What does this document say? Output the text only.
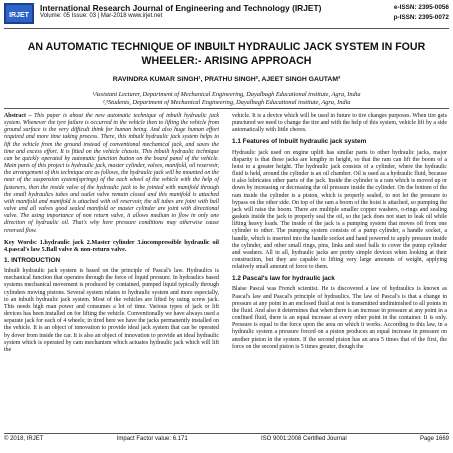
IRJET
International Research Journal of Engineering and Technology (IRJET)
Volume: 05 Issue: 03 | Mar-2018 www.irjet.net
e-ISSN: 2395-0056
p-ISSN: 2395-0072
AN AUTOMATIC TECHNIQUE OF INBUILT HYDRAULIC JACK SYSTEM IN FOUR WHEELER:- ARISING APPROACH
RAVINDRA KUMAR SINGH¹, PRATHU SINGH², AJEET SINGH GAUTAM³
¹Assistant Lecturer, Department of Mechanical Engineering, Dayalbagh Educational institute, Agra, India
²,³Students, Department of Mechanical Engineering, Dayalbagh Educational institute, Agra, India

Abstract – This paper is about the new automatic technique of inbuilt hydraulic jack system. Whenever the tyre failure is occurred in the vehicle then to lifting the vehicle from ground surface is the very difficult think for human being. And also huge human effort required and more time taking process. There, this inbuilt hydraulic jack system helps to lift the vehicle from the ground instead of conventional mechanical jack, and saves the time and excess effort. It is fitted on the vehicle chassis. This inbuilt hydraulic technique can be quickly operated by automatic function button on the board panel of the vehicle. Main parts of this project is hydraulic jack, master cylinder, valves, manifold, oil reservoir, the arrangement of this technique are as follows, the hydraulic jack will be mounted on the near of the suspension system(springs) of the each wheel of the vehicle with the help of fasteners, then the inside valve of the hydraulic jack to be jointed with manifold through the small hydraulics tubes and outlet valve remain closed and this manifold is attached with manifold and manifold is attached with oil reservoir, the all tubes are joint with ball valve and all valves good sealed manifold or master cylinder are joint with directional valve. The using importance of non return valve, it allows medium to flow in only one direction of hydraulic oil. That's why here pressure conditions may otherwise cause reversed flow.

Key Words: 1.hydraulic jack 2.Master cylinder 3.incompressible hydraulic oil 4.pascal's law 5.Ball valve & non-return valve.

1. INTRODUCTION

Inbuilt hydraulic jack system is based on the principle of Pascal's law. Hydraulics is mechanical function that operates through the force of liquid pressure. In hydraulics based systems mechanical movement is produced by contained, pumped liquid typically through cylinders moving pistons. Several system relates to hydraulic system and more especially, to an inbuilt hydraulic jack system. Most of the vehicles are lifted by using screw jack. This needs high man power and consumes a lot of time. Various types of jack or lift devices has been installed on for lifting the vehicle. Conventionally we have always used a separate jack for each of 4 wheels; in tired here we have the jacks permanently installed on the vehicle. It is an object of innovation to provide ideal jack system that can be operated by dover from inside the car. It is also an object of innovation to provide an ideal hydraulic system which is operated by cam mechanism which actuates hydraulic jack which will lift the

vehicle. It is a device which will be used in future to tire changes purposes. When tire gets punctured we need to change the tire and with the help of this system, vehicle lift by a side automatically with little chores.

1.1 Features of Inbuilt hydraulic jack system

Hydraulic jack used on engine uplift has similar parts to other hydraulic jacks, major disparity is that these jacks are lengthy in height, so that the ram can lift the boom of a hoist to a greater height. The hydraulic jack consists of a cylinder, where the hydraulic fluid is held, around the cylinder is an oil chamber. Oil is used as a hydraulic fluid, because it also lubricates other parts of the jack. Inside the cylinder is a ram which is moved up or down by increasing or decreasing the oil pressure inside the cylinder. On the bottom of the ram inside the cylinder is a piston, which is properly sealed, to not let the pressure to bypass on the other side. On top of the ram a boom of the hoist is attached, so pumping the jack will raise the boom. There are multiple smaller copper washers, o-rings and sealing gaskets inside the jack to properly seal the oil, so the jack does not start to leak oil while lifting heavy loads. The inside of the jack is a pumping system that moves oil from one cylinder to other. The pumping system consists of a pump cylinder, a handle socket, a handle, which is inserted into the handle socket and hand powered to apply pressure inside the cylinder, and other small rings, pins, links and steel balls to cover the pump cylinder and washers. All in all, hydraulic jacks are pretty simple devices when looking at their construction, but they are capable to lifting very large amounts of weight, applying relatively small amount of force to them.

1.2 Pascal's law for hydraulic jack

Blaise Pascal was French scientist. He is discovered a law of hydraulics is known as Pascal's law and Pascal's principle of hydraulics. The law of Pascal's is that a change in pressure at any point in an enclosed fluid at rest is transmitted undiminished to all points in the fluid. And also it determines that when there is an increase in pressure at any point in a confined fluid, there is an equal increase at every other point in the container. It is only. Pressure is equal to the force upon the area on which it works. According to this law, in a hydraulic system a pressure forced on a piston produces an equal increase in pressure on another piston in the system. If the second piston has an area 5 times that of the first, the force on the second piston is 5 times greater, though the

© 2018, IRJET	Impact Factor value: 6.171	ISO 9001:2008 Certified Journal	Page 1669
